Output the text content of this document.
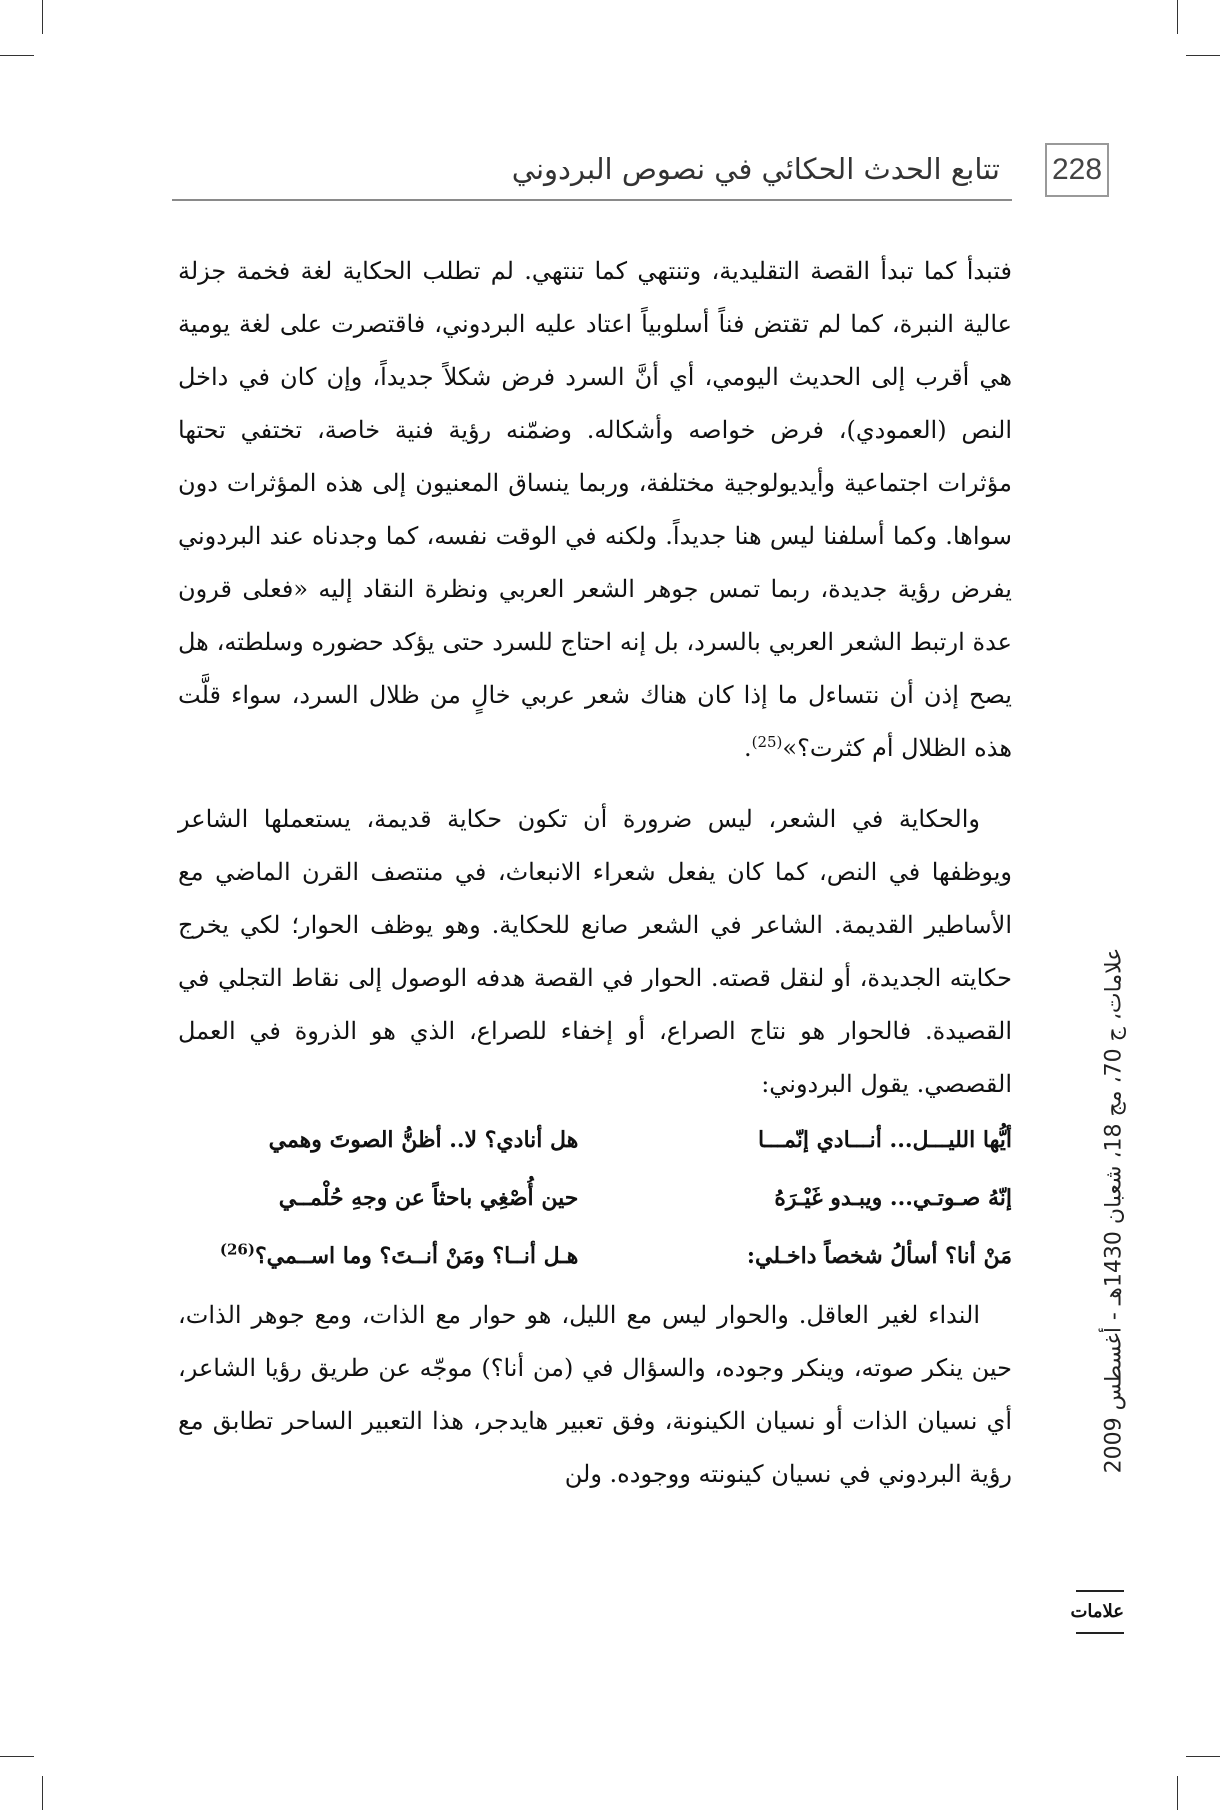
228
تتابع الحدث الحكائي في نصوص البردوني
علامات، ج 70، مج 18، شعبان 1430هـ - أغسطس 2009
علامات

فتبدأ كما تبدأ القصة التقليدية، وتنتهي كما تنتهي. لم تطلب الحكاية لغة فخمة جزلة عالية النبرة، كما لم تقتض فناً أسلوبياً اعتاد عليه البردوني، فاقتصرت على لغة يومية هي أقرب إلى الحديث اليومي، أي أنَّ السرد فرض شكلاً جديداً، وإن كان في داخل النص (العمودي)، فرض خواصه وأشكاله. وضمّنه رؤية فنية خاصة، تختفي تحتها مؤثرات اجتماعية وأيديولوجية مختلفة، وربما ينساق المعنيون إلى هذه المؤثرات دون سواها. وكما أسلفنا ليس هنا جديداً. ولكنه في الوقت نفسه، كما وجدناه عند البردوني يفرض رؤية جديدة، ربما تمس جوهر الشعر العربي ونظرة النقاد إليه «فعلى قرون عدة ارتبط الشعر العربي بالسرد، بل إنه احتاج للسرد حتى يؤكد حضوره وسلطته، هل يصح إذن أن نتساءل ما إذا كان هناك شعر عربي خالٍ من ظلال السرد، سواء قلَّت هذه الظلال أم كثرت؟»$^{(25)}$.

والحكاية في الشعر، ليس ضرورة أن تكون حكاية قديمة، يستعملها الشاعر ويوظفها في النص، كما كان يفعل شعراء الانبعاث، في منتصف القرن الماضي مع الأساطير القديمة. الشاعر في الشعر صانع للحكاية. وهو يوظف الحوار؛ لكي يخرج حكايته الجديدة، أو لنقل قصته. الحوار في القصة هدفه الوصول إلى نقاط التجلي في القصيدة. فالحوار هو نتاج الصراع، أو إخفاء للصراع، الذي هو الذروة في العمل القصصي. يقول البردوني:

أيُّها الليـــل... أنـــادي إنّمـــا
هل أنادي؟ لا.. أظنُّ الصوتَ وهمي
إنّهُ صـوتـي... ويبـدو غَيْـرَهُ
حين أُصْغِي باحثاً عن وجهِ حُلْمــي
مَنْ أنا؟ أسألُ شخصاً داخـلي:
هـل أنــا؟ ومَنْ أنــتَ؟ وما اســمي؟$^{(26)}$

النداء لغير العاقل. والحوار ليس مع الليل، هو حوار مع الذات، ومع جوهر الذات، حين ينكر صوته، وينكر وجوده، والسؤال في (من أنا؟) موجّه عن طريق رؤيا الشاعر، أي نسيان الذات أو نسيان الكينونة، وفق تعبير هايدجر، هذا التعبير الساحر تطابق مع رؤية البردوني في نسيان كينونته ووجوده. ولن
